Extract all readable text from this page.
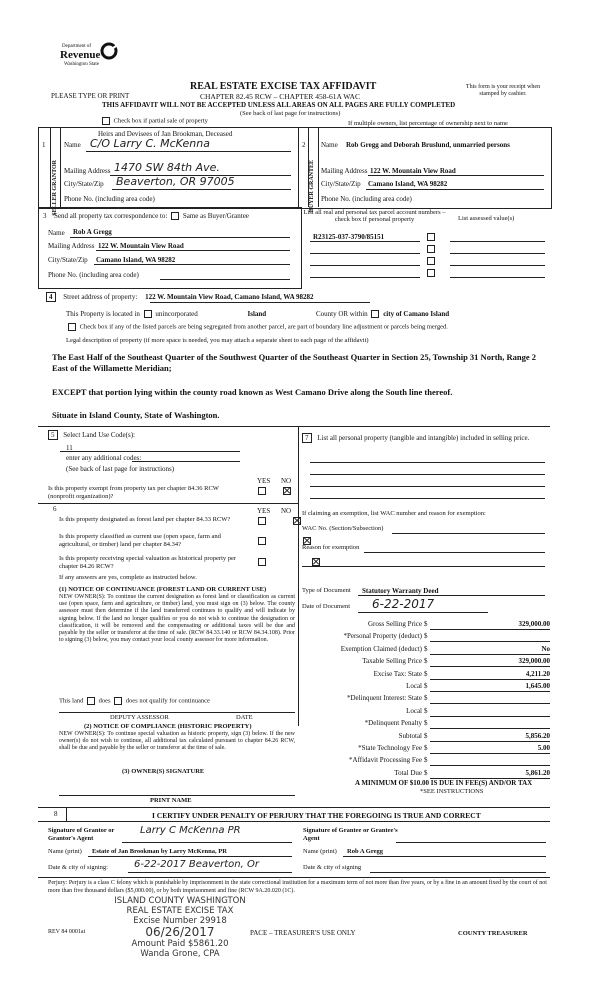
Department of
Revenue
Washington State
REAL ESTATE EXCISE TAX AFFIDAVIT
CHAPTER 82.45 RCW – CHAPTER 458-61A WAC
PLEASE TYPE OR PRINT
This form is your receipt when stamped by cashier.
THIS AFFIDAVIT WILL NOT BE ACCEPTED UNLESS ALL AREAS ON ALL PAGES ARE FULLY COMPLETED
(See back of last page for instructions)
Check box if partial sale of property	If multiple owners, list percentage of ownership next to name
SELLER GRANTOR	BUYER GRANTEE
1
Heirs and Devisees of Jan Brookman, Deceased
Name C/O Larry C. McKenna
Mailing Address 1470 SW 84th Ave.
City/State/Zip Beaverton, OR 97005
Phone No. (including area code)
2 Name Rob Gregg and Deborah Bruslund, unmarried persons
Mailing Address 122 W. Mountain View Road
City/State/Zip Camano Island, WA 98282
Phone No. (including area code)
3 Send all property tax correspondence to: Same as Buyer/Grantee
Name Rob A Gregg
Mailing Address 122 W. Mountain View Road
City/State/Zip Camano Island, WA 98282
Phone No. (including area code)
List all real and personal tax parcel account numbers – check box if personal property	List assessed value(s)
R23125-037-3790/85151
4 Street address of property: 122 W. Mountain View Road, Camano Island, WA 98282
This Property is located in unincorporated	Island	County OR within city of Camano Island
Check box if any of the listed parcels are being segregated from another parcel, are part of boundary line adjustment or parcels being merged.
Legal description of property (if more space is needed, you may attach a separate sheet to each page of the affidavit)
The East Half of the Southeast Quarter of the Southwest Quarter of the Southeast Quarter in Section 25, Township 31 North, Range 2 East of the Willamette Meridian;
EXCEPT that portion lying within the county road known as West Camano Drive along the South line thereof.
Situate in Island County, State of Washington.
5 Select Land Use Code(s):
11
enter any additional codes:
(See back of last page for instructions)
YES NO
Is this property exempt from property tax per chapter 84.36 RCW (nonprofit organization)?

7 List all personal property (tangible and intangible) included in selling price.
6	YES NO
Is this property designated as forest land per chapter 84.33 RCW?

Is this property classified as current use (open space, farm and agricultural, or timber) land per chapter 84.34?

Is this property receiving special valuation as historical property per chapter 84.26 RCW?
If any answers are yes, complete as instructed below.
(1) NOTICE OF CONTINUANCE (FOREST LAND OR CURRENT USE)
NEW OWNER(S): To continue the current designation as forest land or classification as current use (open space, farm and agriculture, or timber) land, you must sign on (3) below. The county assessor must then determine if the land transferred continues to qualify and will indicate by signing below. If the land no longer qualifies or you do not wish to continue the designation or classification, it will be removed and the compensating or additional taxes will be due and payable by the seller or transferor at the time of sale. (RCW 84.33.140 or RCW 84.34.108). Prior to signing (3) below, you may contact your local county assessor for more information.
This land does does not qualify for continuance
DEPUTY ASSESSOR	DATE
(2) NOTICE OF COMPLIANCE (HISTORIC PROPERTY)
NEW OWNER(S): To continue special valuation as historic property, sign (3) below. If the new owner(s) do not wish to continue, all additional tax calculated pursuant to chapter 84.26 RCW, shall be due and payable by the seller or transferor at the time of sale.
(3) OWNER(S) SIGNATURE
PRINT NAME
If claiming an exemption, list WAC number and reason for exemption:
WAC No. (Section/Subsection)
Reason for exemption
Type of Document Statutory Warranty Deed
Date of Document 6-22-2017
Gross Selling Price $	329,000.00
*Personal Property (deduct) $
Exemption Claimed (deduct) $	No
Taxable Selling Price $	329,000.00
Excise Tax: State $	4,211.20
Local $	1,645.00
*Delinquent Interest: State $
Local $
*Delinquent Penalty $
Subtotal $	5,856.20
*State Technology Fee $	5.00
*Affidavit Processing Fee $
Total Due $	5,861.20
A MINIMUM OF $10.00 IS DUE IN FEE(S) AND/OR TAX
*SEE INSTRUCTIONS
8	I CERTIFY UNDER PENALTY OF PERJURY THAT THE FOREGOING IS TRUE AND CORRECT
Signature of Grantor or Grantor's Agent
Larry C McKenna PR	Signature of Grantee or Grantee's Agent
Name (print) Estate of Jan Brookman by Larry McKenna, PR	Name (print) Rob A Gregg
Date & city of signing:	6-22-2017 Beaverton, Or	Date & city of signing
Perjury: Perjury is a class C felony which is punishable by imprisonment in the state correctional institution for a maximum term of not more than five years, or by a fine in an amount fixed by the court of not more than five thousand dollars ($5,000.00), or by both imprisonment and fine (RCW 9A.20.020 (1C).
ISLAND COUNTY WASHINGTON
REAL ESTATE EXCISE TAX
Excise Number 29918
06/26/2017
Amount Paid $5861.20
Wanda Grone, CPA
REV 84 0001ai	PACE – TREASURER'S USE ONLY	COUNTY TREASURER
